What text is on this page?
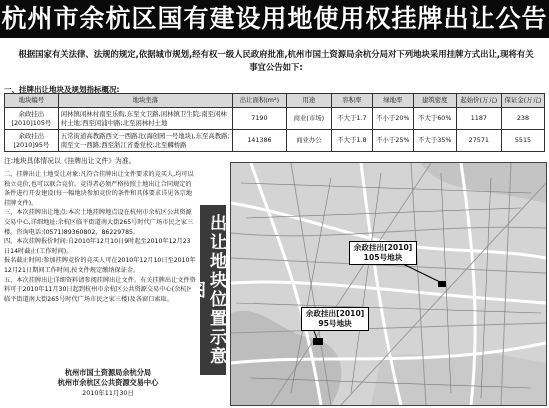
杭州市余杭区国有建设用地使用权挂牌出让公告
根据国家有关法律、法规的规定,依据城市规划,经有权一级人民政府批准,杭州市国土资源局余杭分局对下列地块采用挂牌方式出让,现将有关事宜公告如下:
一、挂牌出让地块及规划指标概况:
地块编号	地块坐落	出让面积(m²)	用途	容积率	绿地率	建筑密度	起始价(万元)	保证金(万元)
余政挂出[2010]105号	闲林镇闲林村南至乐购,东至文卫路,闲林镇卫生院;南至闲林村土地;西至闲浦中路;北至闲林村土地	7190	商业(市场)	不大于1.7	不小于20%	不大于60%	1187	238
余政挂出[2010]95号	五常街道高教路西文一西路北(海创园一号地块),东至高教路;南至文一西路;西至浙江省委党校;北至麟桥路	141386	商业办公	不大于1.8	不小于25%	不大于35%	27571	5515
注:地块具体情况以《挂牌出让文件》为准。

二、挂牌出让土地受让对象:凡符合挂牌出让文件要求的竞买人,均可以独立竞价,也可以联合竞价。竞得者必须严格按照土地出让合同规定的条件进行开发建设(每一幅地块参加竞价的条件和具体要求详见各宗地挂牌文件)。

三、本次挂牌出让地点:本次土地挂牌地点设在杭州市余杭区公共资源交易中心,详细地址:余杭区临平街道南大街265号时代广场市民之家三楼。咨询电话:(0571)89360802、86229785。

四、本次挂牌报价时间:自2010年12月10日9时起至2010年12月23日14时截止(工作时间)。

报名截止时间:参加挂牌竞价的竞买人可在2010年12月10日至2010年12月21日期间工作时间,按文件规定缴纳保证金。

五、本次挂牌出让详细资料请参阅挂牌出让文件。有关挂牌出让文件资料可于2010年11月30日起到杭州市余杭区公共资源交易中心(余杭区临平街道南大街265号时代广场市民之家三楼)及各窗口索取。

杭州市国土资源局余杭分局
杭州市余杭区公共资源交易中心
2010年11月30日
出让地块位置示意图
余政挂出[2010]
105号地块
余政挂出[2010]
95号地块
